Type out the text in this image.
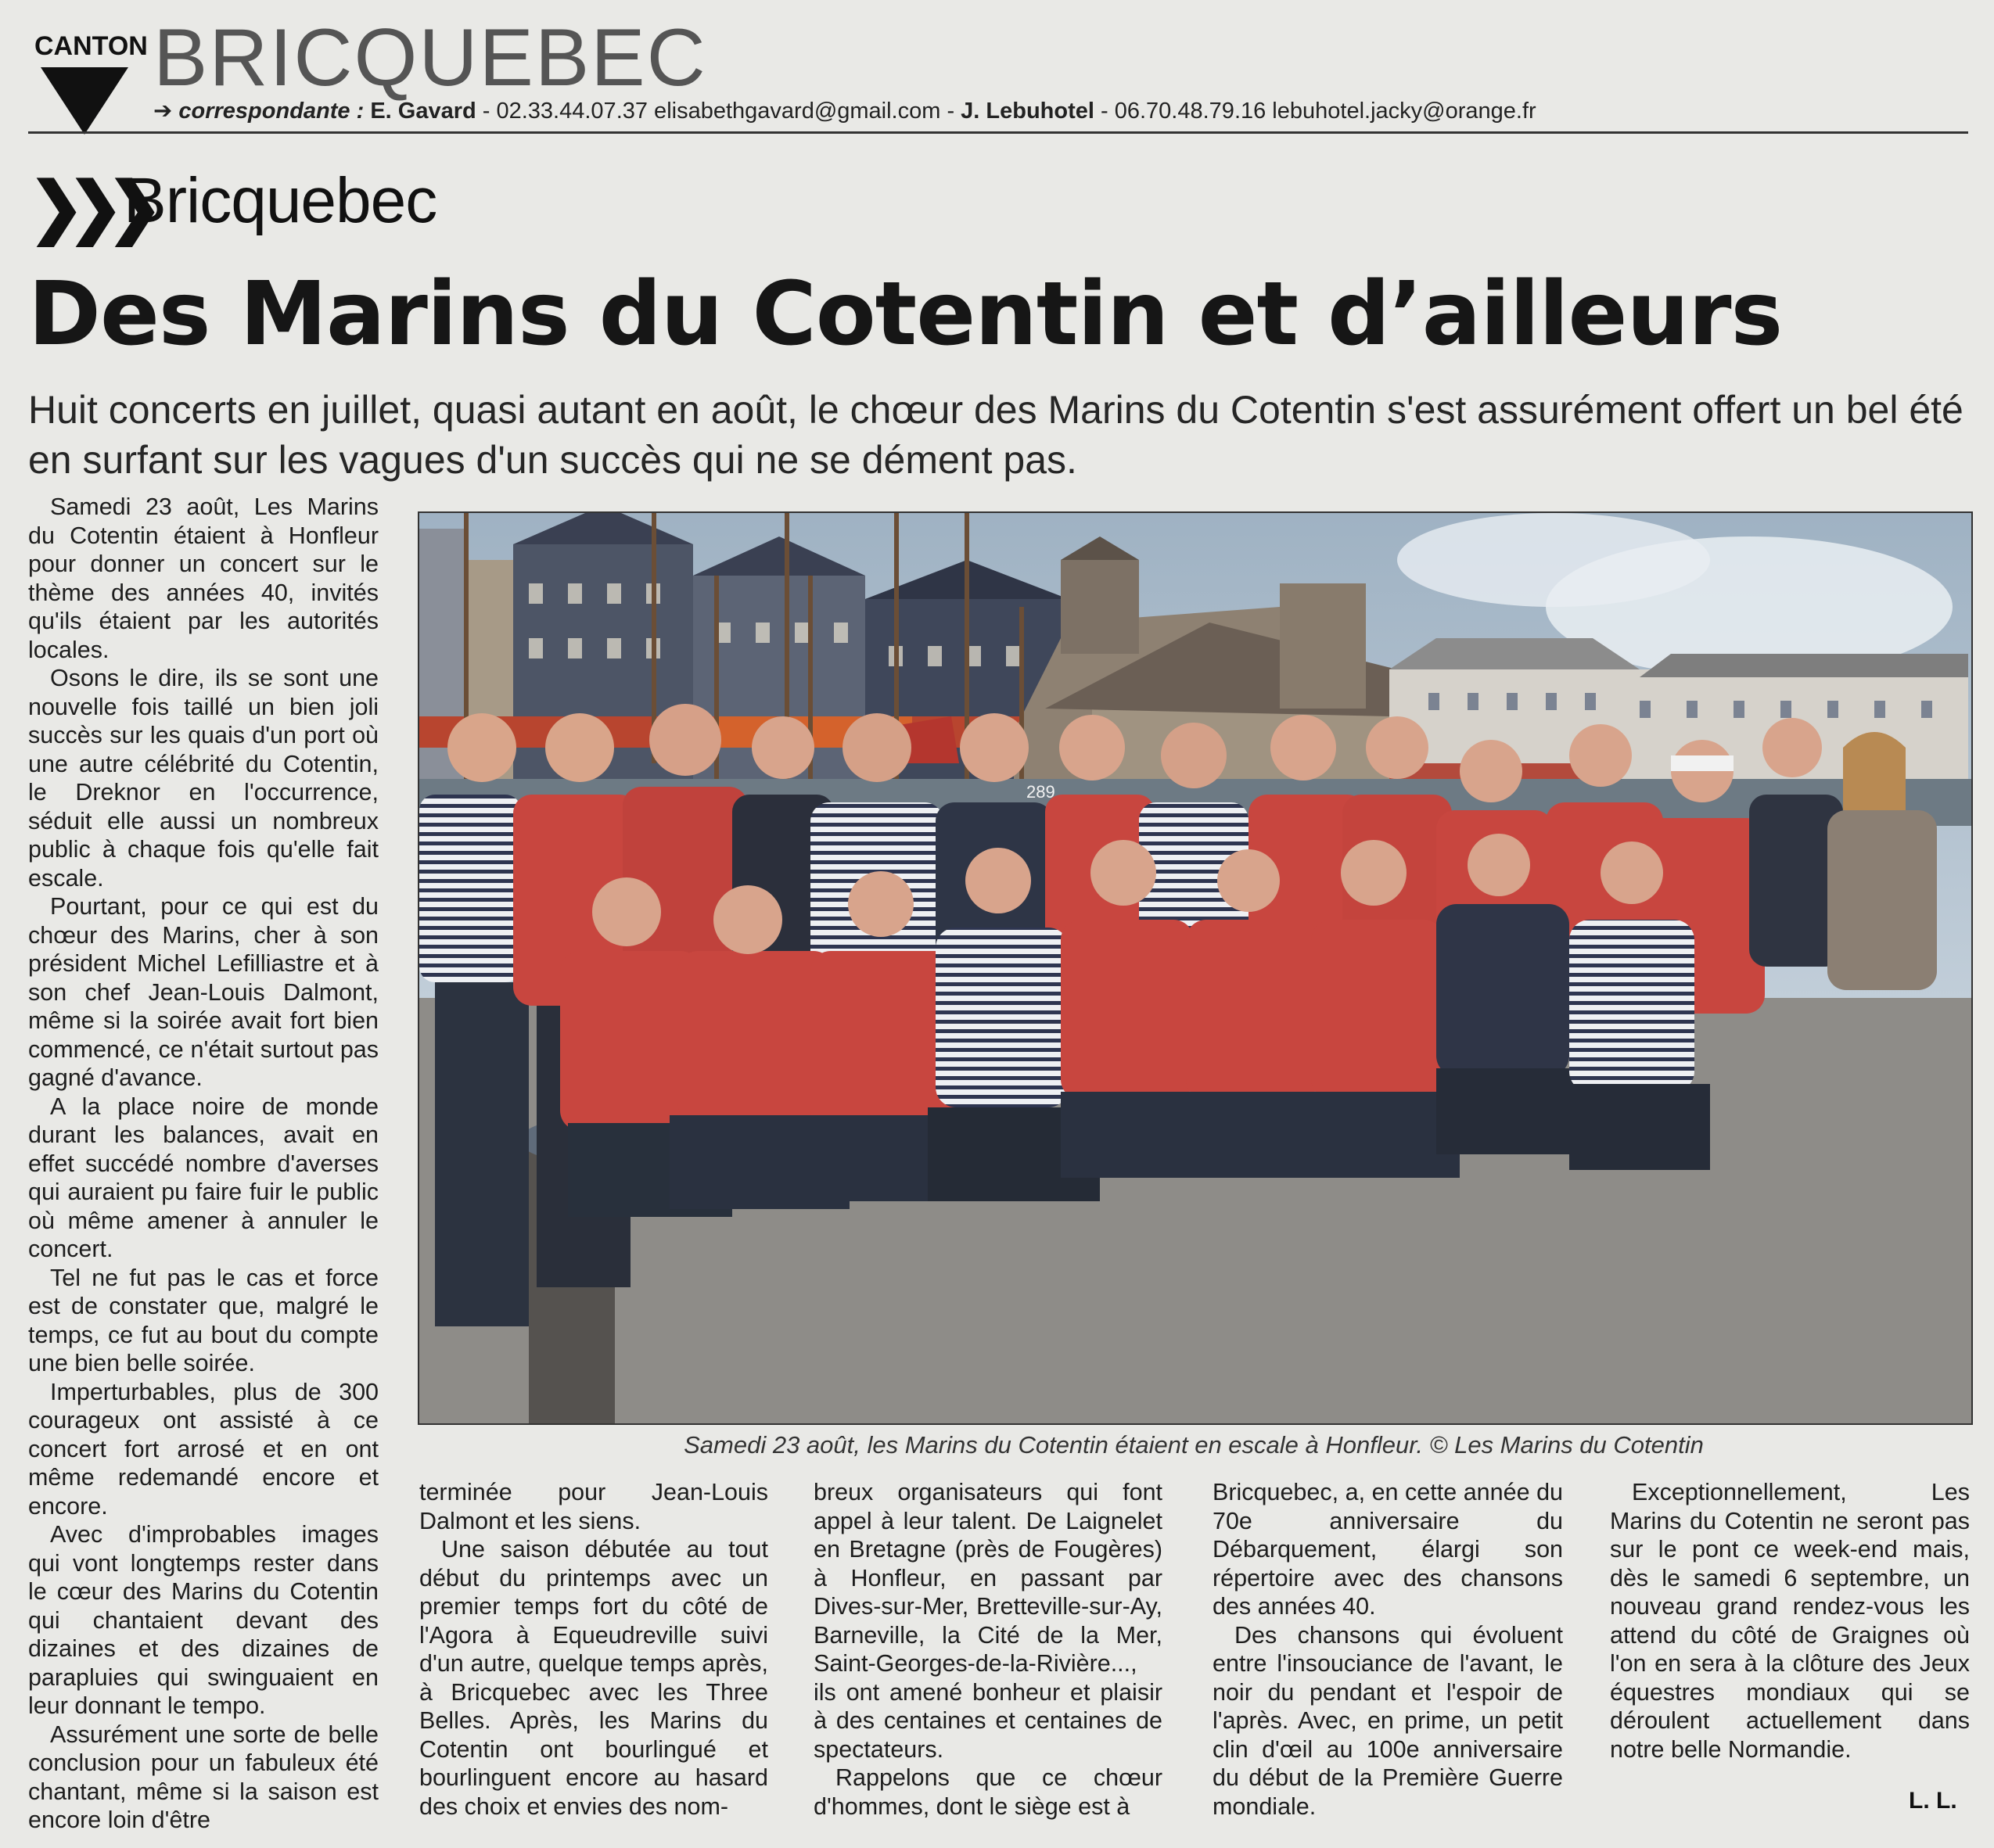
CANTON BRICQUEBEC
➔ correspondante : E. Gavard - 02.33.44.07.37 elisabethgavard@gmail.com - J. Lebuhotel - 06.70.48.79.16 lebuhotel.jacky@orange.fr
❯❯❯
Bricquebec
Des Marins du Cotentin et d’ailleurs
Huit concerts en juillet, quasi autant en août, le chœur des Marins du Cotentin s'est assurément offert un bel été en surfant sur les vagues d'un succès qui ne se dément pas.

Samedi 23 août, Les Marins du Cotentin étaient à Honfleur pour donner un concert sur le thème des années 40, invités qu'ils étaient par les autorités locales.

Osons le dire, ils se sont une nouvelle fois taillé un bien joli succès sur les quais d'un port où une autre célébrité du Cotentin, le Dreknor en l'occurrence, séduit elle aussi un nombreux public à chaque fois qu'elle fait escale.

Pourtant, pour ce qui est du chœur des Marins, cher à son président Michel Lefilliastre et à son chef Jean-Louis Dalmont, même si la soirée avait fort bien commencé, ce n'était surtout pas gagné d'avance.

A la place noire de monde durant les balances, avait en effet succédé nombre d'averses qui auraient pu faire fuir le public où même amener à annuler le concert.

Tel ne fut pas le cas et force est de constater que, malgré le temps, ce fut au bout du compte une bien belle soirée.

Imperturbables, plus de 300 courageux ont assisté à ce concert fort arrosé et en ont même redemandé encore et encore.

Avec d'improbables images qui vont longtemps rester dans le cœur des Marins du Cotentin qui chantaient devant des dizaines et des dizaines de parapluies qui swinguaient en leur donnant le tempo.

Assurément une sorte de belle conclusion pour un fabuleux été chantant, même si la saison est encore loin d'être

289
Samedi 23 août, les Marins du Cotentin étaient en escale à Honfleur. © Les Marins du Cotentin

terminée pour Jean-Louis Dalmont et les siens.

Une saison débutée au tout début du printemps avec un premier temps fort du côté de l'Agora à Equeudreville suivi d'un autre, quelque temps après, à Bricquebec avec les Three Belles. Après, les Marins du Cotentin ont bourlingué et bourlinguent encore au hasard des choix et envies des nom-

breux organisateurs qui font appel à leur talent. De Laignelet en Bretagne (près de Fougères) à Honfleur, en passant par Dives-sur-Mer, Bretteville-sur-Ay, Barneville, la Cité de la Mer, Saint-Georges-de-la-Rivière..., ils ont amené bonheur et plaisir à des centaines et centaines de spectateurs.

Rappelons que ce chœur d'hommes, dont le siège est à

Bricquebec, a, en cette année du 70e anniversaire du Débarquement, élargi son répertoire avec des chansons des années 40.

Des chansons qui évoluent entre l'insouciance de l'avant, le noir du pendant et l'espoir de l'après. Avec, en prime, un petit clin d'œil au 100e anniversaire du début de la Première Guerre mondiale.

Exceptionnellement, Les Marins du Cotentin ne seront pas sur le pont ce week-end mais, dès le samedi 6 septembre, un nouveau grand rendez-vous les attend du côté de Graignes où l'on en sera à la clôture des Jeux équestres mondiaux qui se déroulent actuellement dans notre belle Normandie.

L. L.
